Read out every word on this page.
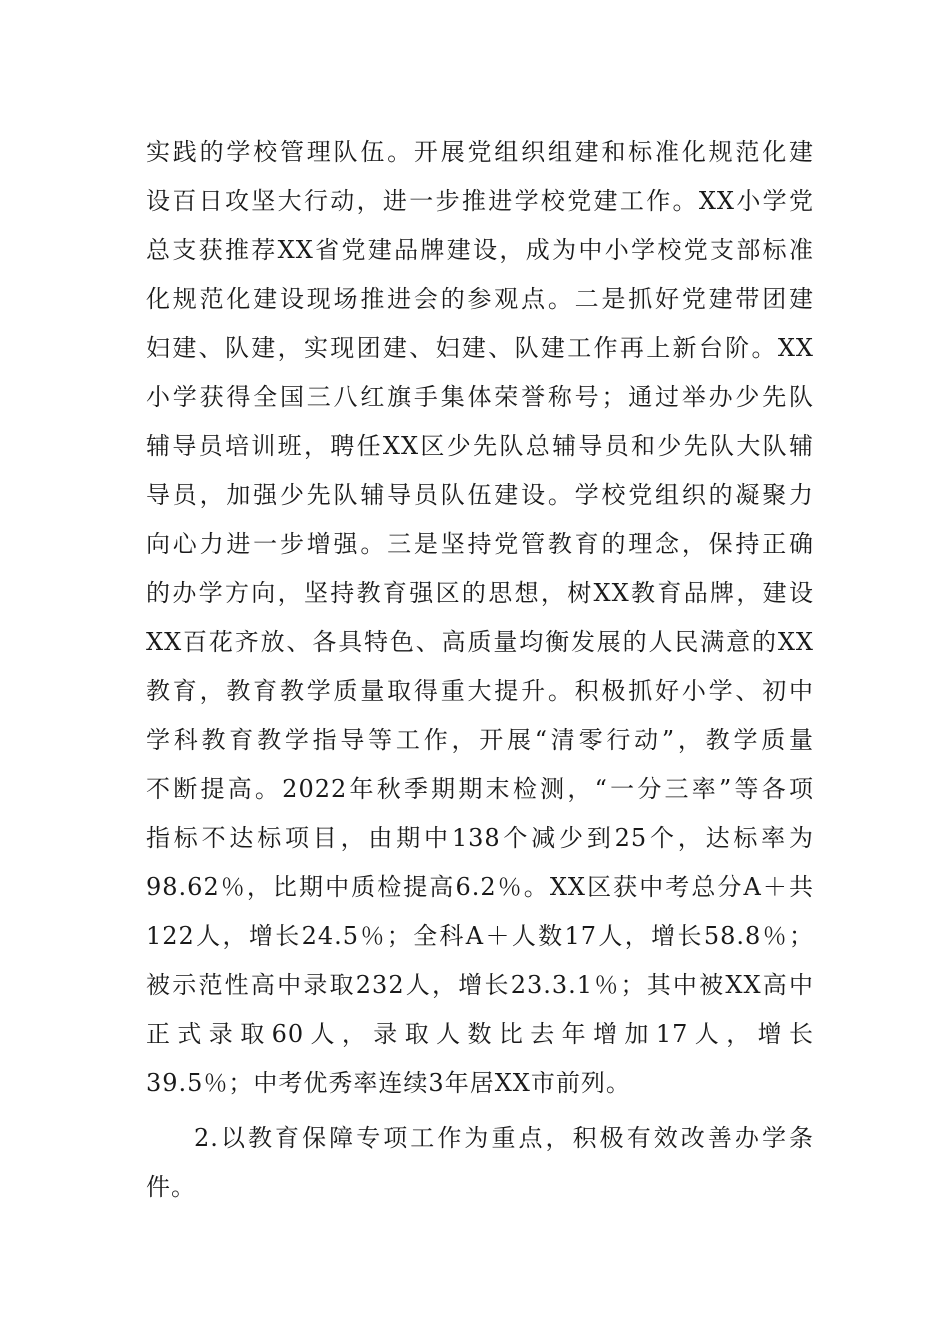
实践的学校管理队伍。开展党组织组建和标准化规范化建
设百日攻坚大行动，进一步推进学校党建工作。XX小学党
总支获推荐XX省党建品牌建设，成为中小学校党支部标准
化规范化建设现场推进会的参观点。二是抓好党建带团建
妇建、队建，实现团建、妇建、队建工作再上新台阶。XX
小学获得全国三八红旗手集体荣誉称号；通过举办少先队
辅导员培训班，聘任XX区少先队总辅导员和少先队大队辅
导员，加强少先队辅导员队伍建设。学校党组织的凝聚力
向心力进一步增强。三是坚持党管教育的理念，保持正确
的办学方向，坚持教育强区的思想，树XX教育品牌，建设
XX百花齐放、各具特色、高质量均衡发展的人民满意的XX
教育，教育教学质量取得重大提升。积极抓好小学、初中
学科教育教学指导等工作，开展“清零行动”，教学质量
不断提高。2022年秋季期期末检测，“一分三率”等各项
指标不达标项目，由期中138个减少到25个，达标率为
98.62％，比期中质检提高6.2％。XX区获中考总分A＋共
122人，增长24.5％；全科A＋人数17人，增长58.8％；
被示范性高中录取232人，增长23.3.1％；其中被XX高中
正式录取60人，录取人数比去年增加17人，增长
39.5％；中考优秀率连续3年居XX市前列。
2.以教育保障专项工作为重点，积极有效改善办学条
件。
